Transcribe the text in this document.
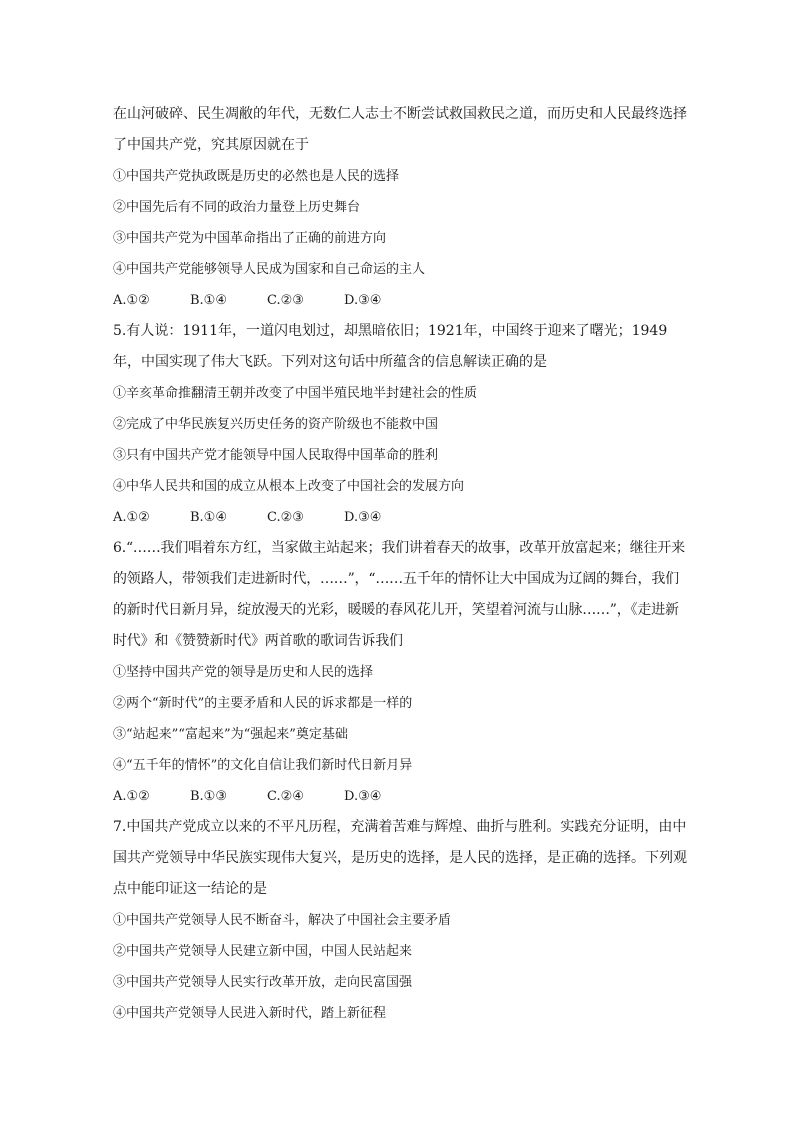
在山河破碎、民生凋敝的年代，无数仁人志士不断尝试救国救民之道，而历史和人民最终选择了中国共产党，究其原因就在于

①中国共产党执政既是历史的必然也是人民的选择

②中国先后有不同的政治力量登上历史舞台

③中国共产党为中国革命指出了正确的前进方向

④中国共产党能够领导人民成为国家和自己命运的主人

A.①②	B.①④	C.②③	D.③④

5.有人说：1911年，一道闪电划过，却黑暗依旧；1921年，中国终于迎来了曙光；1949年，中国实现了伟大飞跃。下列对这句话中所蕴含的信息解读正确的是

①辛亥革命推翻清王朝并改变了中国半殖民地半封建社会的性质

②完成了中华民族复兴历史任务的资产阶级也不能救中国

③只有中国共产党才能领导中国人民取得中国革命的胜利

④中华人民共和国的成立从根本上改变了中国社会的发展方向

A.①②	B.①④	C.②③	D.③④

6.“……我们唱着东方红，当家做主站起来；我们讲着春天的故事，改革开放富起来；继往开来的领路人，带领我们走进新时代，……”，“……五千年的情怀让大中国成为辽阔的舞台，我们的新时代日新月异，绽放漫天的光彩，暖暖的春风花儿开，笑望着河流与山脉……”，《走进新时代》和《赞赞新时代》两首歌的歌词告诉我们

①坚持中国共产党的领导是历史和人民的选择

②两个“新时代”的主要矛盾和人民的诉求都是一样的

③“站起来”“富起来”为“强起来”奠定基础

④“五千年的情怀”的文化自信让我们新时代日新月异

A.①②	B.①③	C.②④	D.③④

7.中国共产党成立以来的不平凡历程，充满着苦难与辉煌、曲折与胜利。实践充分证明，由中国共产党领导中华民族实现伟大复兴，是历史的选择，是人民的选择，是正确的选择。下列观点中能印证这一结论的是

①中国共产党领导人民不断奋斗，解决了中国社会主要矛盾

②中国共产党领导人民建立新中国，中国人民站起来

③中国共产党领导人民实行改革开放，走向民富国强

④中国共产党领导人民进入新时代，踏上新征程
